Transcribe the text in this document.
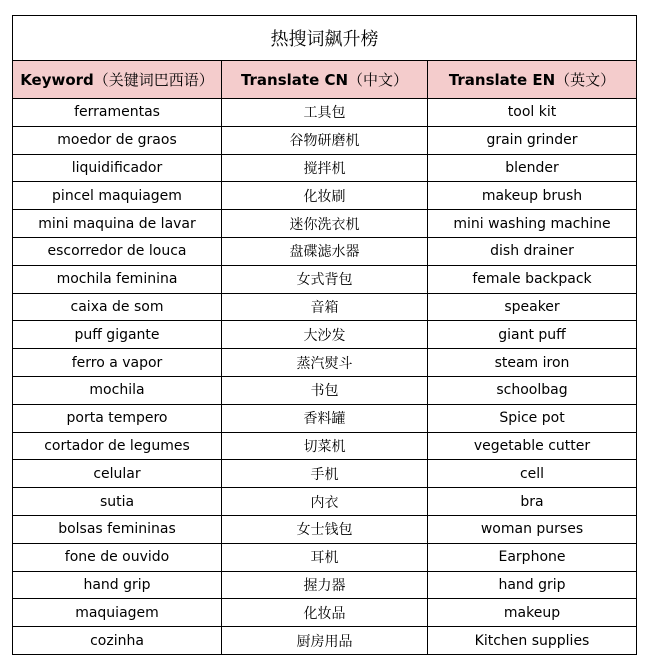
热搜词飙升榜		
Keyword（关键词巴西语）	Translate CN（中文）	Translate EN（英文）
ferramentas	工具包	tool kit
moedor de graos	谷物研磨机	grain grinder
liquidificador	搅拌机	blender
pincel maquiagem	化妆刷	makeup brush
mini maquina de lavar	迷你洗衣机	mini washing machine
escorredor de louca	盘碟滤水器	dish drainer
mochila feminina	女式背包	female backpack
caixa de som	音箱	speaker
puff gigante	大沙发	giant puff
ferro a vapor	蒸汽熨斗	steam iron
mochila	书包	schoolbag
porta tempero	香料罐	Spice pot
cortador de legumes	切菜机	vegetable cutter
celular	手机	cell
sutia	内衣	bra
bolsas femininas	女士钱包	woman purses
fone de ouvido	耳机	Earphone
hand grip	握力器	hand grip
maquiagem	化妆品	makeup
cozinha	厨房用品	Kitchen supplies
